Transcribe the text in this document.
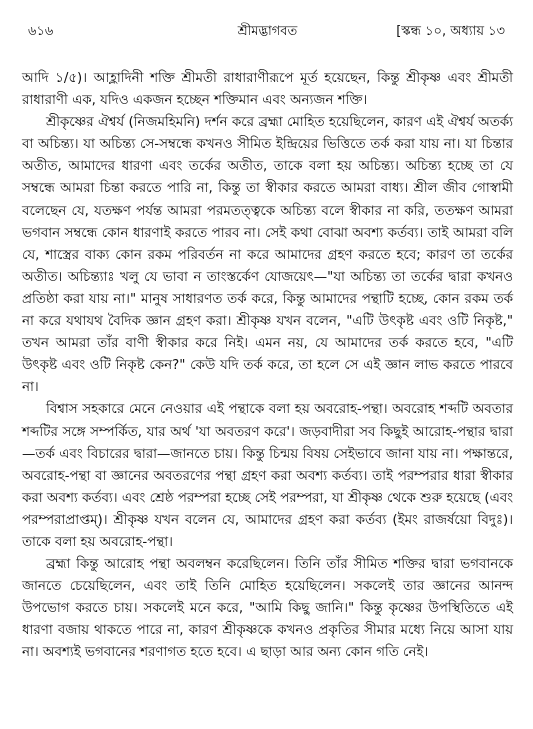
৬১৬	শ্রীমদ্ভাগবত	[স্কন্ধ ১০, অধ্যায় ১৩

আদি ১/৫)। আহ্লাদিনী শক্তি শ্রীমতী রাধারাণীরূপে মূর্ত হয়েছেন, কিন্তু শ্রীকৃষ্ণ এবং শ্রীমতী রাধারাণী এক, যদিও একজন হচ্ছেন শক্তিমান এবং অন্যজন শক্তি।

শ্রীকৃষ্ণের ঐশ্বর্য (নিজমহিমনি) দর্শন করে ব্রহ্মা মোহিত হয়েছিলেন, কারণ এই ঐশ্বর্য অতর্ক্য বা অচিন্ত্য। যা অচিন্ত্য সে-সম্বন্ধে কখনও সীমিত ইন্দ্রিয়ের ভিত্তিতে তর্ক করা যায় না। যা চিন্তার অতীত, আমাদের ধারণা এবং তর্কের অতীত, তাকে বলা হয় অচিন্ত্য। অচিন্ত্য হচ্ছে তা যে সম্বন্ধে আমরা চিন্তা করতে পারি না, কিন্তু তা স্বীকার করতে আমরা বাধ্য। শ্রীল জীব গোস্বামী বলেছেন যে, যতক্ষণ পর্যন্ত আমরা পরমতত্ত্বকে অচিন্ত্য বলে স্বীকার না করি, ততক্ষণ আমরা ভগবান সম্বন্ধে কোন ধারণাই করতে পারব না। সেই কথা বোঝা অবশ্য কর্তব্য। তাই আমরা বলি যে, শাস্ত্রের বাক্য কোন রকম পরিবর্তন না করে আমাদের গ্রহণ করতে হবে; কারণ তা তর্কের অতীত। অচিন্ত্যাঃ খলু যে ভাবা ন তাংস্তর্কেণ যোজয়েৎ—"যা অচিন্ত্য তা তর্কের দ্বারা কখনও প্রতিষ্ঠা করা যায় না।" মানুষ সাধারণত তর্ক করে, কিন্তু আমাদের পন্থাটি হচ্ছে, কোন রকম তর্ক না করে যথাযথ বৈদিক জ্ঞান গ্রহণ করা। শ্রীকৃষ্ণ যখন বলেন, "এটি উৎকৃষ্ট এবং ওটি নিকৃষ্ট," তখন আমরা তাঁর বাণী স্বীকার করে নিই। এমন নয়, যে আমাদের তর্ক করতে হবে, "এটি উৎকৃষ্ট এবং ওটি নিকৃষ্ট কেন?" কেউ যদি তর্ক করে, তা হলে সে এই জ্ঞান লাভ করতে পারবে না।

বিশ্বাস সহকারে মেনে নেওয়ার এই পন্থাকে বলা হয় অবরোহ-পন্থা। অবরোহ শব্দটি অবতার শব্দটির সঙ্গে সম্পর্কিত, যার অর্থ 'যা অবতরণ করে'। জড়বাদীরা সব কিছুই আরোহ-পন্থার দ্বারা—তর্ক এবং বিচারের দ্বারা—জানতে চায়। কিন্তু চিন্ময় বিষয় সেইভাবে জানা যায় না। পক্ষান্তরে, অবরোহ-পন্থা বা জ্ঞানের অবতরণের পন্থা গ্রহণ করা অবশ্য কর্তব্য। তাই পরম্পরার ধারা স্বীকার করা অবশ্য কর্তব্য। এবং শ্রেষ্ঠ পরম্পরা হচ্ছে সেই পরম্পরা, যা শ্রীকৃষ্ণ থেকে শুরু হয়েছে (এবং পরম্পরাপ্রাপ্তম্)। শ্রীকৃষ্ণ যখন বলেন যে, আমাদের গ্রহণ করা কর্তব্য (ইমং রাজর্ষয়ো বিদুঃ)। তাকে বলা হয় অবরোহ-পন্থা।

ব্রহ্মা কিন্তু আরোহ পন্থা অবলম্বন করেছিলেন। তিনি তাঁর সীমিত শক্তির দ্বারা ভগবানকে জানতে চেয়েছিলেন, এবং তাই তিনি মোহিত হয়েছিলেন। সকলেই তার জ্ঞানের আনন্দ উপভোগ করতে চায়। সকলেই মনে করে, "আমি কিছু জানি।" কিন্তু কৃষ্ণের উপস্থিতিতে এই ধারণা বজায় থাকতে পারে না, কারণ শ্রীকৃষ্ণকে কখনও প্রকৃতির সীমার মধ্যে নিয়ে আসা যায় না। অবশ্যই ভগবানের শরণাগত হতে হবে। এ ছাড়া আর অন্য কোন গতি নেই।
